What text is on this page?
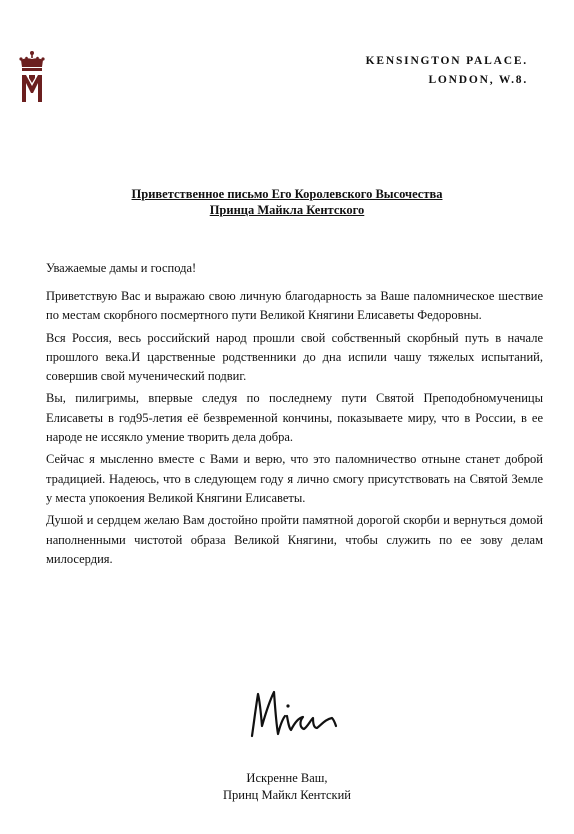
KENSINGTON PALACE.
LONDON, W.8.
Приветственное письмо Его Королевского Высочества
Принца Майкла Кентского
Уважаемые дамы и господа!

Приветствую Вас и выражаю свою личную благодарность за Ваше паломническое шествие по местам скорбного посмертного пути Великой Княгини Елисаветы Федоровны.

Вся Россия, весь российский народ прошли свой собственный скорбный путь в начале прошлого века.И царственные родственники до дна испили чашу тяжелых испытаний, совершив свой мученический подвиг.

Вы, пилигримы, впервые следуя по последнему пути Святой Преподобномученицы Елисаветы в год95-летия её безвременной кончины, показываете миру, что в России, в ее народе не иссякло умение творить дела добра.

Сейчас я мысленно вместе с Вами и верю, что это паломничество отныне станет доброй традицией. Надеюсь, что в следующем году я лично смогу присутствовать на Святой Земле у места упокоения Великой Княгини Елисаветы.

Душой и сердцем желаю Вам достойно пройти памятной дорогой скорби и вернуться домой наполненными чистотой образа Великой Княгини, чтобы служить по ее зову делам милосердия.

Искренне Ваш,
Принц Майкл Кентский
